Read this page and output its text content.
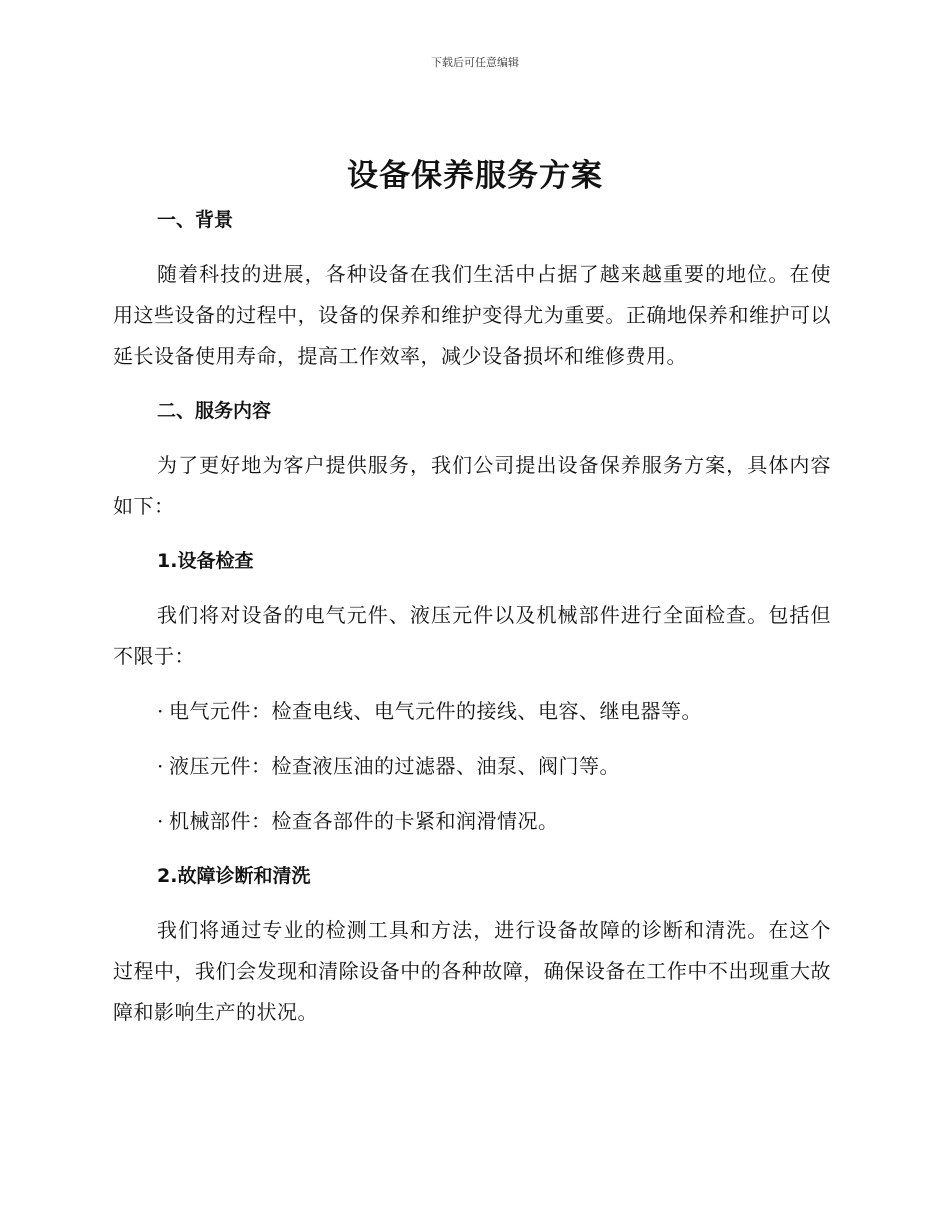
下载后可任意编辑
设备保养服务方案
一、背景

随着科技的进展，各种设备在我们生活中占据了越来越重要的地位。在使用这些设备的过程中，设备的保养和维护变得尤为重要。正确地保养和维护可以延长设备使用寿命，提高工作效率，减少设备损坏和维修费用。

二、服务内容

为了更好地为客户提供服务，我们公司提出设备保养服务方案，具体内容如下：

1.设备检查

我们将对设备的电气元件、液压元件以及机械部件进行全面检查。包括但不限于：

· 电气元件：检查电线、电气元件的接线、电容、继电器等。

· 液压元件：检查液压油的过滤器、油泵、阀门等。

· 机械部件：检查各部件的卡紧和润滑情况。

2.故障诊断和清洗

我们将通过专业的检测工具和方法，进行设备故障的诊断和清洗。在这个过程中，我们会发现和清除设备中的各种故障，确保设备在工作中不出现重大故障和影响生产的状况。
